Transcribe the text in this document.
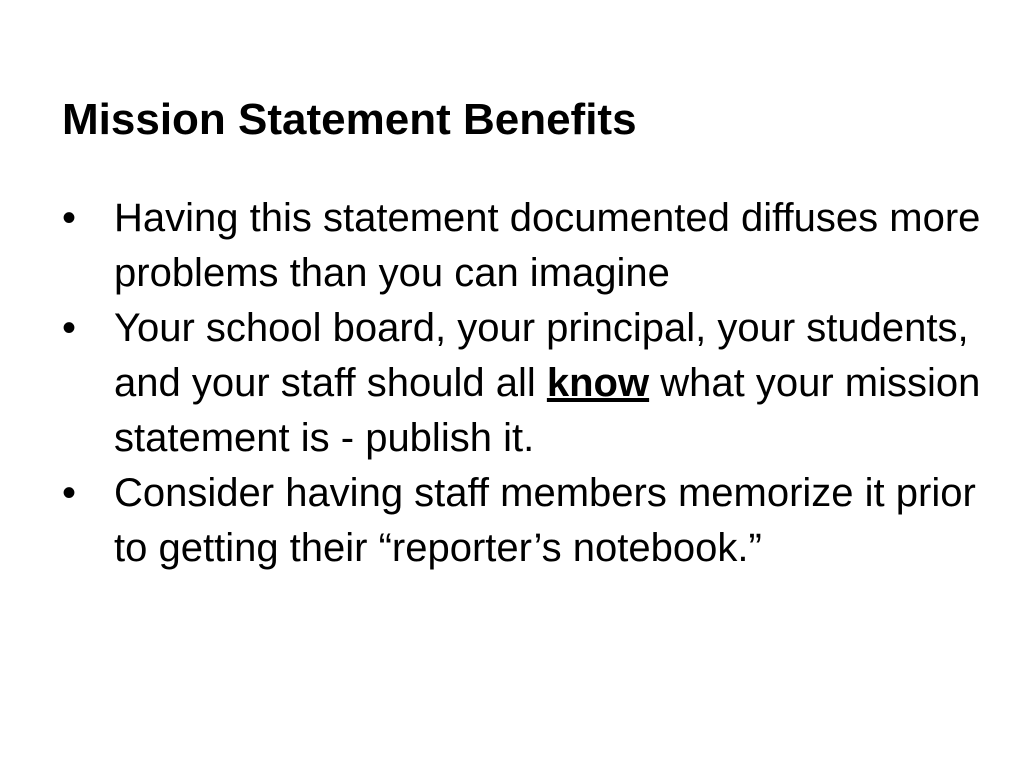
Mission Statement Benefits
• Having this statement documented diffuses more problems than you can imagine
• Your school board, your principal, your students, and your staff should all know what your mission statement is - publish it.
• Consider having staff members memorize it prior to getting their “reporter’s notebook.”
